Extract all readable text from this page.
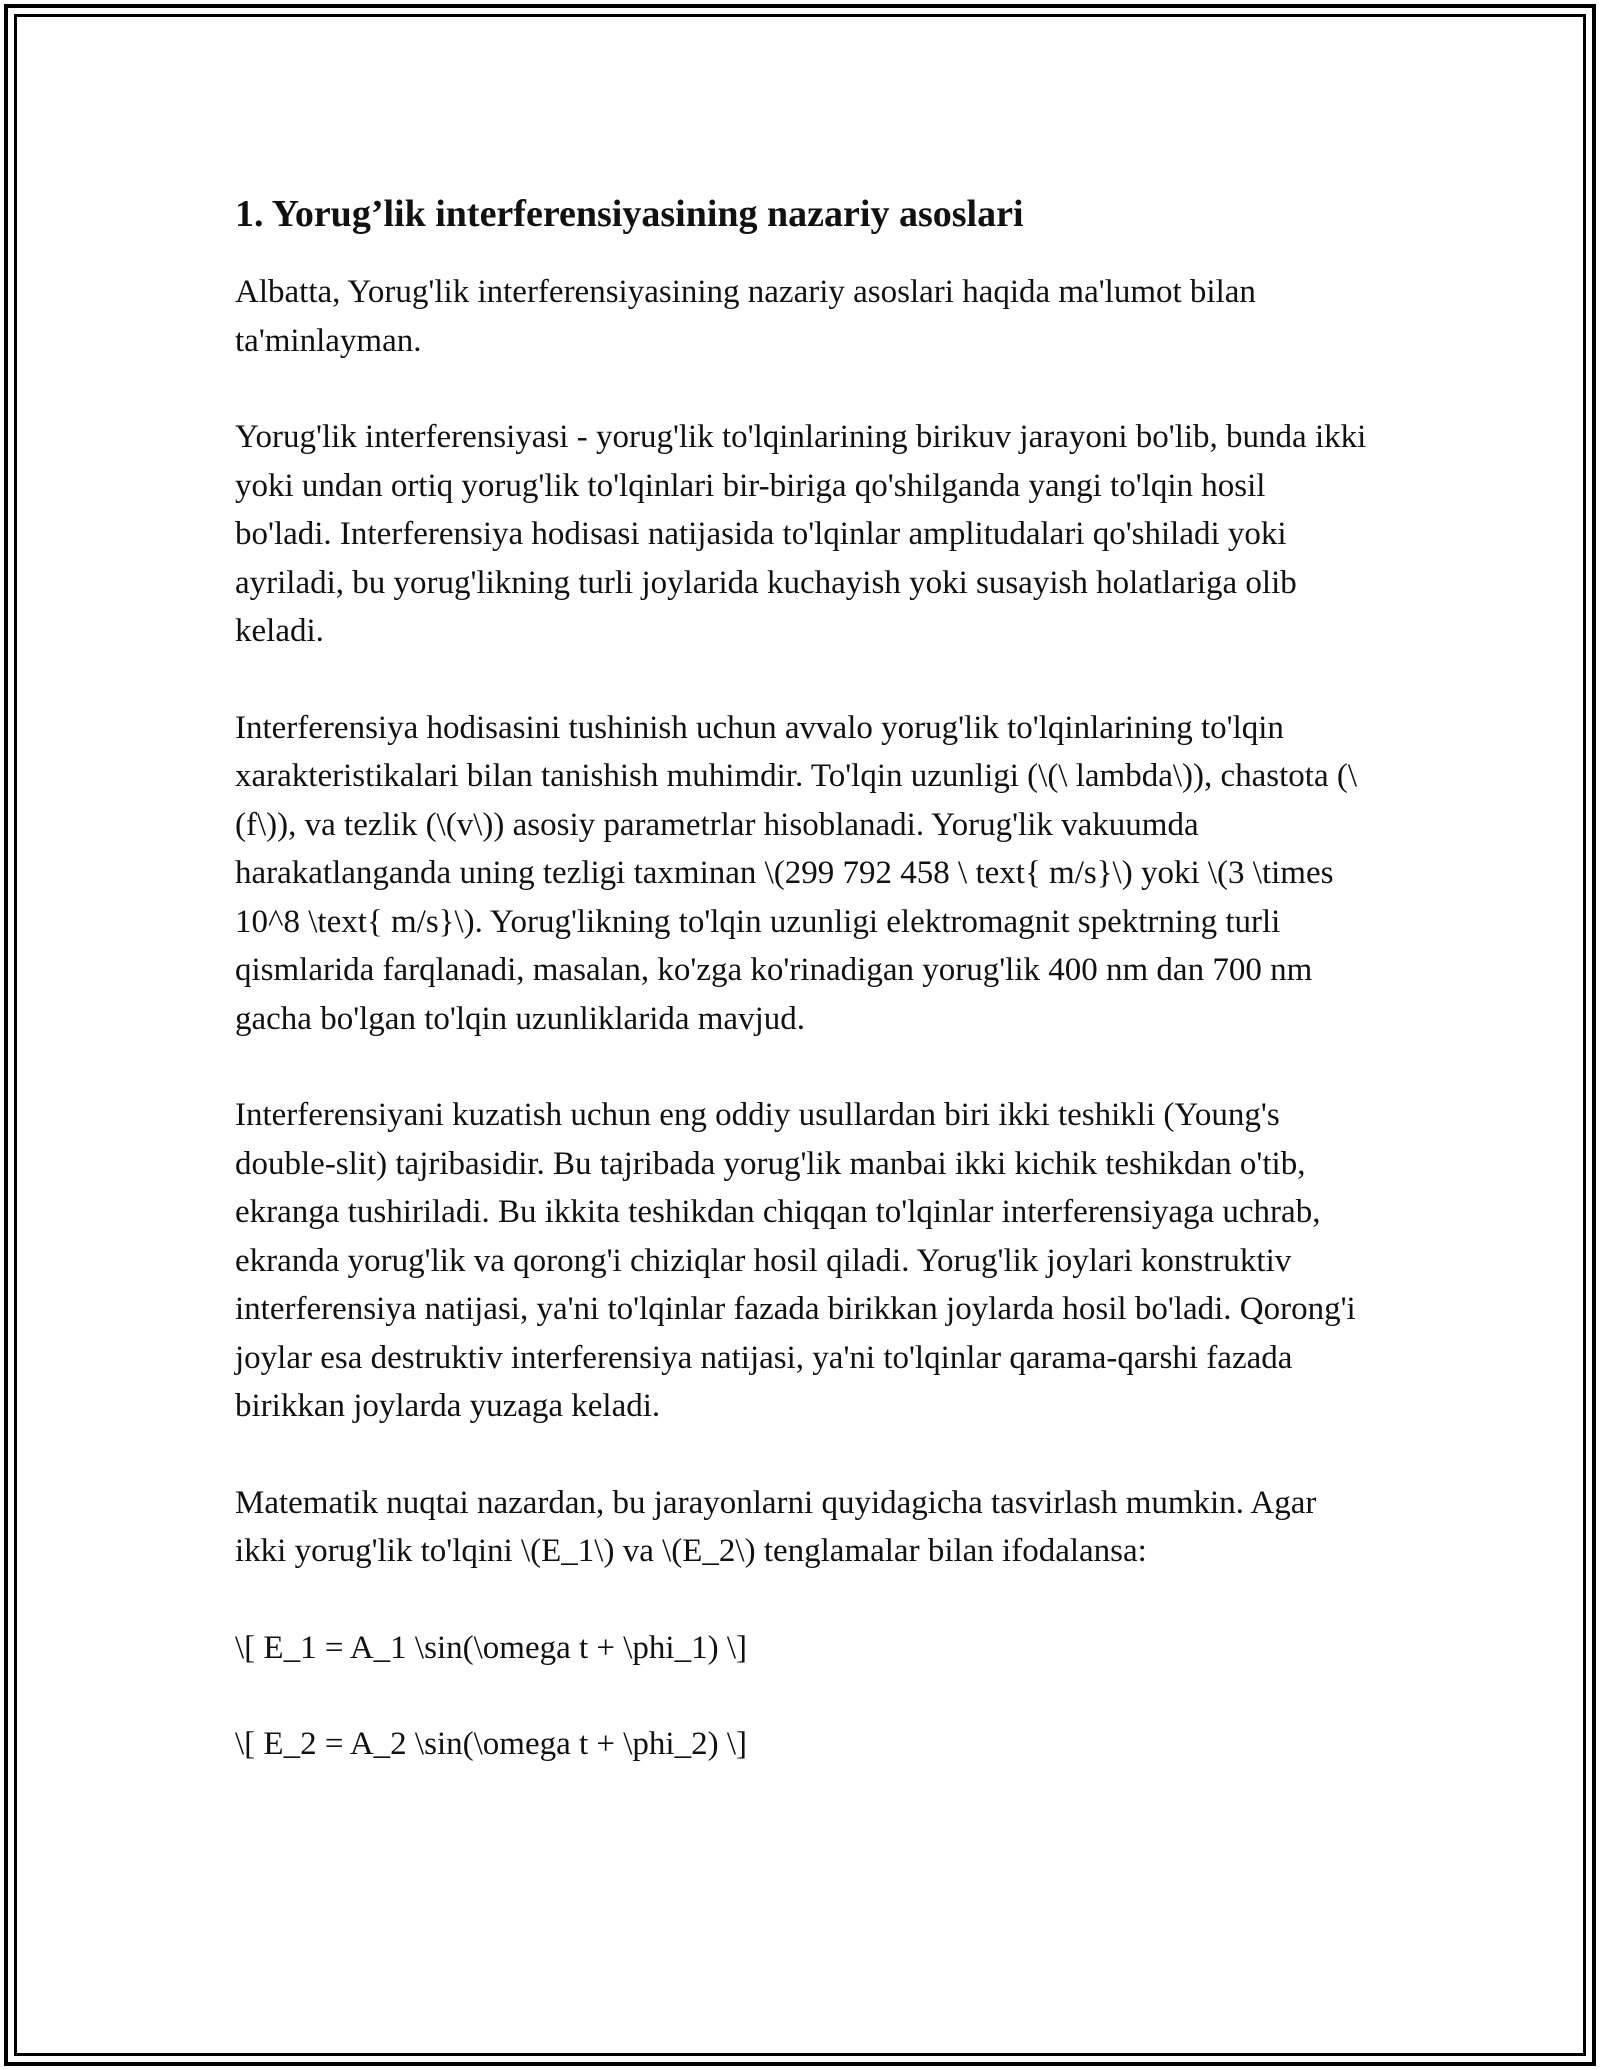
1. Yorug’lik interferensiyasining nazariy asoslari

Albatta, Yorug'lik interferensiyasining nazariy asoslari haqida ma'lumot bilan ta'minlayman.

Yorug'lik interferensiyasi - yorug'lik to'lqinlarining birikuv jarayoni bo'lib, bunda ikki yoki undan ortiq yorug'lik to'lqinlari bir-biriga qo'shilganda yangi to'lqin hosil bo'ladi. Interferensiya hodisasi natijasida to'lqinlar amplitudalari qo'shiladi yoki ayriladi, bu yorug'likning turli joylarida kuchayish yoki susayish holatlariga olib keladi.

Interferensiya hodisasini tushinish uchun avvalo yorug'lik to'lqinlarining to'lqin xarakteristikalari bilan tanishish muhimdir. To'lqin uzunligi (\(\ lambda\)), chastota (\(f\)), va tezlik (\(v\)) asosiy parametrlar hisoblanadi. Yorug'lik vakuumda harakatlanganda uning tezligi taxminan \(299 792 458 \ text{ m/s}\) yoki \(3 \times 10^8 \text{ m/s}\). Yorug'likning to'lqin uzunligi elektromagnit spektrning turli qismlarida farqlanadi, masalan, ko'zga ko'rinadigan yorug'lik 400 nm dan 700 nm gacha bo'lgan to'lqin uzunliklarida mavjud.

Interferensiyani kuzatish uchun eng oddiy usullardan biri ikki teshikli (Young's double-slit) tajribasidir. Bu tajribada yorug'lik manbai ikki kichik teshikdan o'tib, ekranga tushiriladi. Bu ikkita teshikdan chiqqan to'lqinlar interferensiyaga uchrab, ekranda yorug'lik va qorong'i chiziqlar hosil qiladi. Yorug'lik joylari konstruktiv interferensiya natijasi, ya'ni to'lqinlar fazada birikkan joylarda hosil bo'ladi. Qorong'i joylar esa destruktiv interferensiya natijasi, ya'ni to'lqinlar qarama-qarshi fazada birikkan joylarda yuzaga keladi.

Matematik nuqtai nazardan, bu jarayonlarni quyidagicha tasvirlash mumkin. Agar ikki yorug'lik to'lqini \(E_1\) va \(E_2\) tenglamalar bilan ifodalansa:

\[ E_1 = A_1 \sin(\omega t + \phi_1) \]

\[ E_2 = A_2 \sin(\omega t + \phi_2) \]
